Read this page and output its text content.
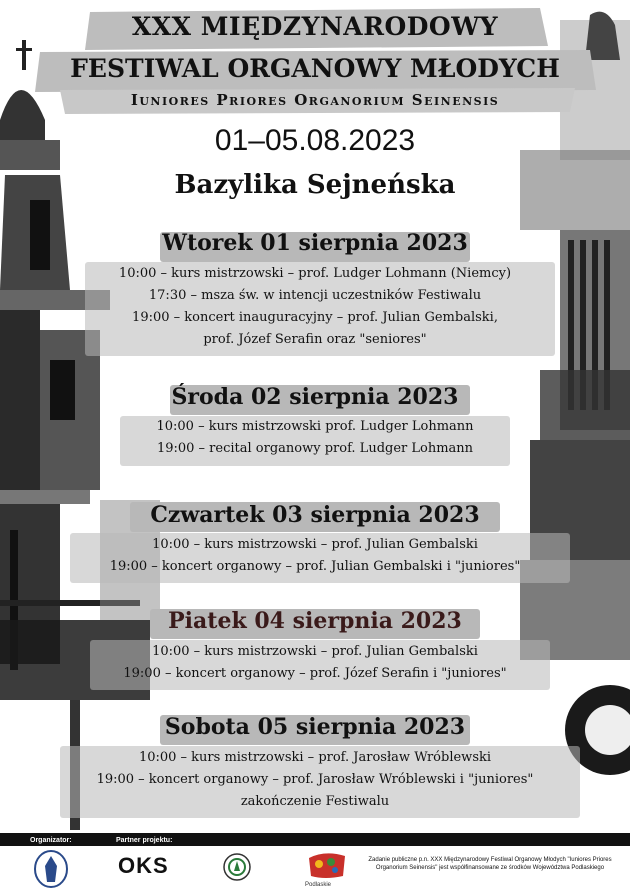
XXX MIĘDZYNARODOWY
FESTIWAL ORGANOWY MŁODYCH
Iuniores Priores Organorium Seinensis
01–05.08.2023
Bazylika Sejneńska
Wtorek 01 sierpnia 2023
10:00 – kurs mistrzowski – prof. Ludger Lohmann (Niemcy)
17:30 – msza św. w intencji uczestników Festiwalu
19:00 – koncert inauguracyjny – prof. Julian Gembalski,
prof. Józef Serafin oraz "seniores"
Środa 02 sierpnia 2023
10:00 – kurs mistrzowski prof. Ludger Lohmann
19:00 – recital organowy prof. Ludger Lohmann
Czwartek 03 sierpnia 2023
10:00 – kurs mistrzowski – prof. Julian Gembalski
19:00 – koncert organowy – prof. Julian Gembalski i "juniores"
Piatek 04 sierpnia 2023
10:00 – kurs mistrzowski – prof. Julian Gembalski
19:00 – koncert organowy – prof. Józef Serafin i "juniores"
Sobota 05 sierpnia 2023
10:00 – kurs mistrzowski – prof. Jarosław Wróblewski
19:00 – koncert organowy – prof. Jarosław Wróblewski i "juniores"
zakończenie Festiwalu
Organizator:	Partner projektu:
OKS
Podlaskie
Zadanie publiczne p.n. XXX Międzynarodowy Festiwal Organowy Młodych "Iuniores Priores Organorium Seinensis" jest współfinansowane ze środków Województwa Podlaskiego
